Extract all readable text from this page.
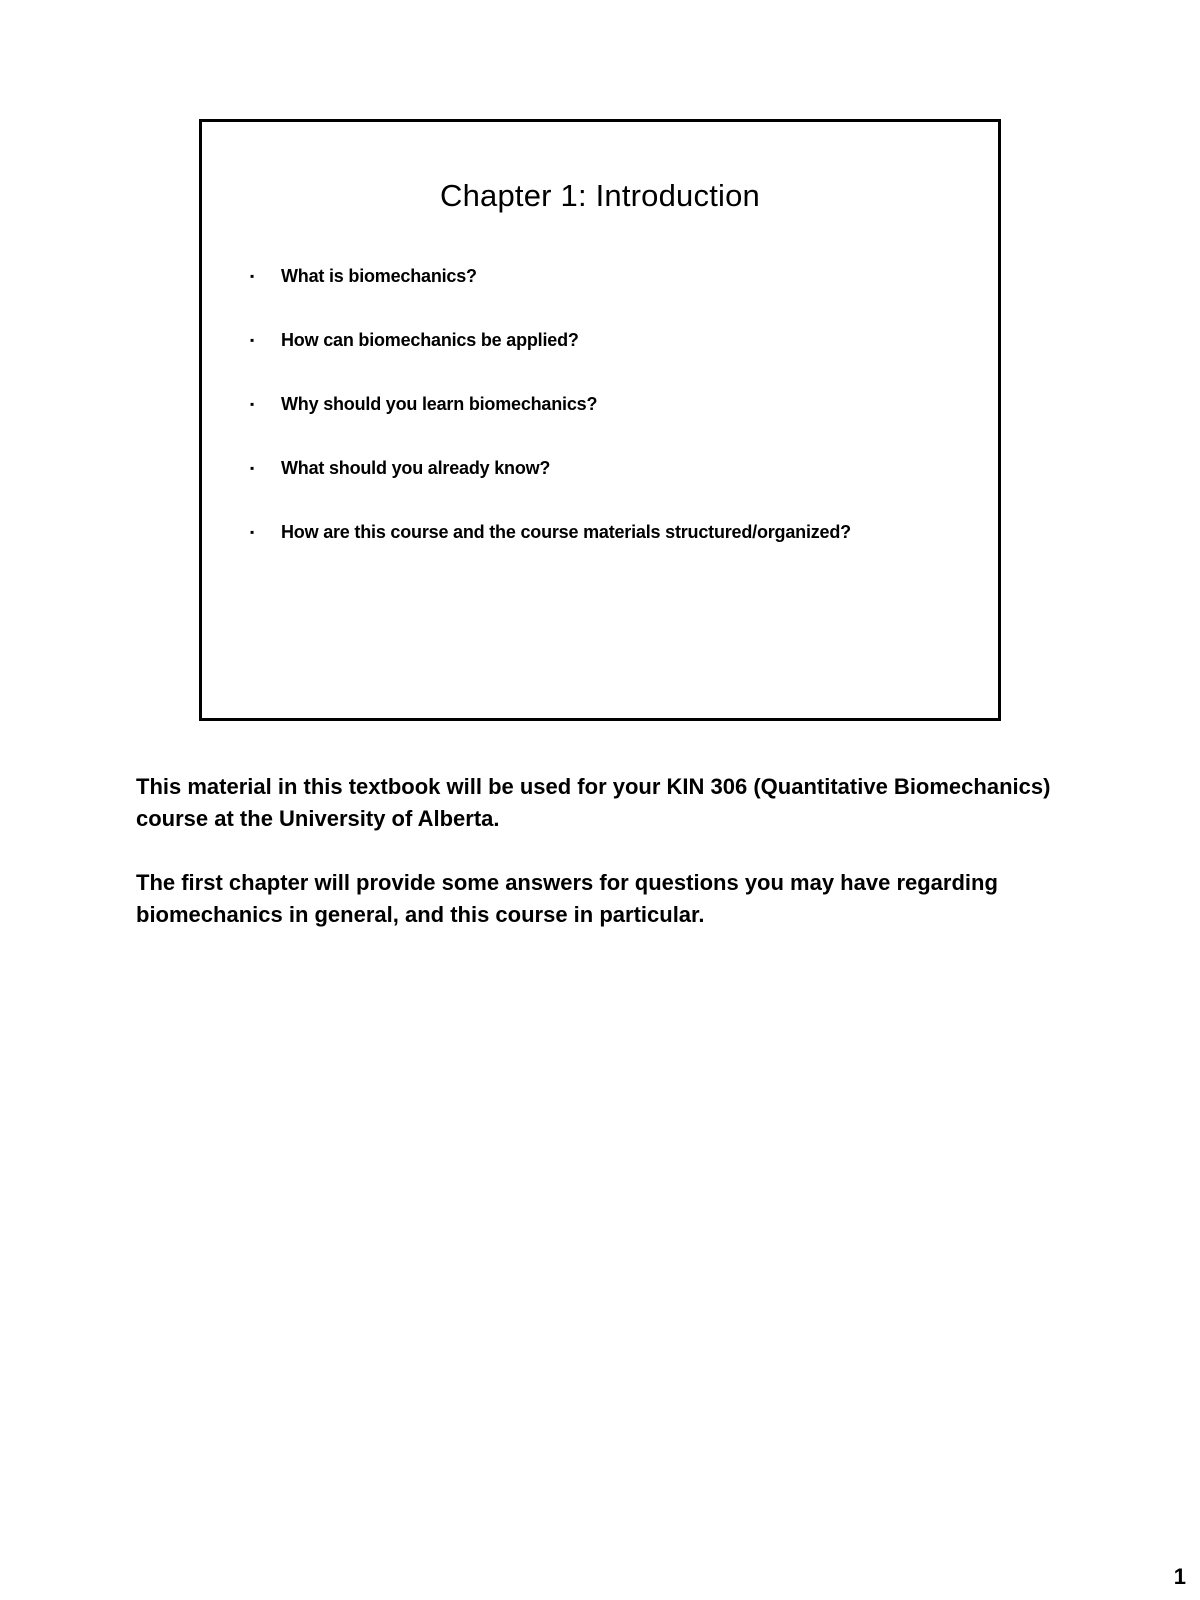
Chapter 1: Introduction
▪ What is biomechanics?
▪ How can biomechanics be applied?
▪ Why should you learn biomechanics?
▪ What should you already know?
▪ How are this course and the course materials structured/organized?

This material in this textbook will be used for your KIN 306 (Quantitative Biomechanics) course at the University of Alberta.

The first chapter will provide some answers for questions you may have regarding biomechanics in general, and this course in particular.

1
